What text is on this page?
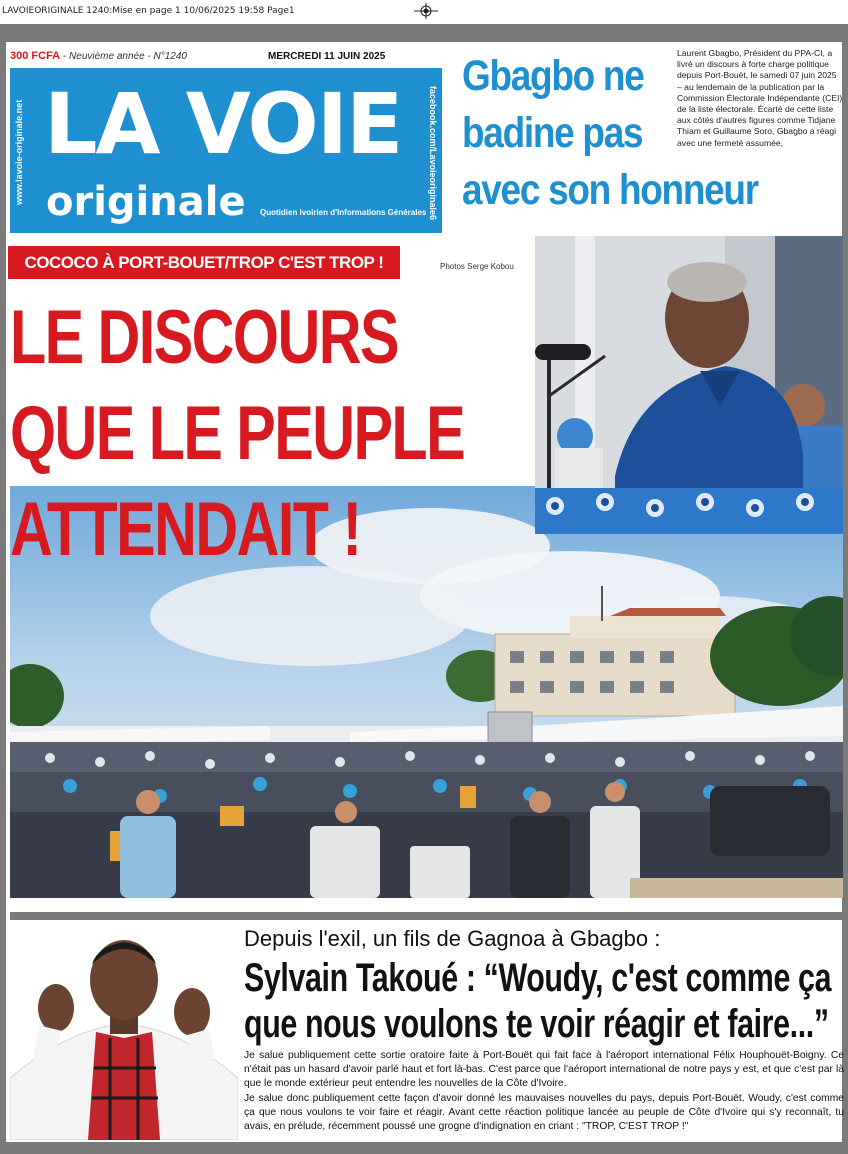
LAVOIEORIGINALE 1240:Mise en page 1 10/06/2025 19:58 Page1
300 FCFA - Neuvième année - N°1240	MERCREDI 11 JUIN 2025
www.lavoie-originale.net LA VOIE
originale Quotidien ivoirien d'Informations Générales facebook.com/Lavoieoriginale6
Gbagbo ne
badine pas
avec son honneur
Laurent Gbagbo, Président du PPA-CI, a livré un discours à forte charge politique depuis Port-Bouët, le samedi 07 juin 2025 – au lendemain de la publication par la Commission Électorale Indépendante (CEI) de la liste électorale. Écarté de cette liste aux côtés d'autres figures comme Tidjane Thiam et Guillaume Soro, Gbagbo a réagi avec une fermeté assumée,
COCOCO À PORT-BOUET/TROP C'EST TROP !	Photos Serge Kobou
LE DISCOURS
QUE LE PEUPLE
ATTENDAIT !
Depuis l'exil, un fils de Gagnoa à Gbagbo :
Sylvain Takoué : “Woudy, c'est comme ça
que nous voulons te voir réagir et faire...”

Je salue publiquement cette sortie oratoire faite à Port-Bouët qui fait face à l'aéroport international Félix Houphouët-Boigny. Ce n'était pas un hasard d'avoir parlé haut et fort là-bas. C'est parce que l'aéroport international de notre pays y est, et que c'est par là que le monde extérieur peut entendre les nouvelles de la Côte d'Ivoire.

Je salue donc publiquement cette façon d'avoir donné les mauvaises nouvelles du pays, depuis Port-Bouët. Woudy, c'est comme ça que nous voulons te voir faire et réagir. Avant cette réaction politique lancée au peuple de Côte d'Ivoire qui s'y reconnaît, tu avais, en prélude, récemment poussé une grogne d'indignation en criant : "TROP, C'EST TROP !"
